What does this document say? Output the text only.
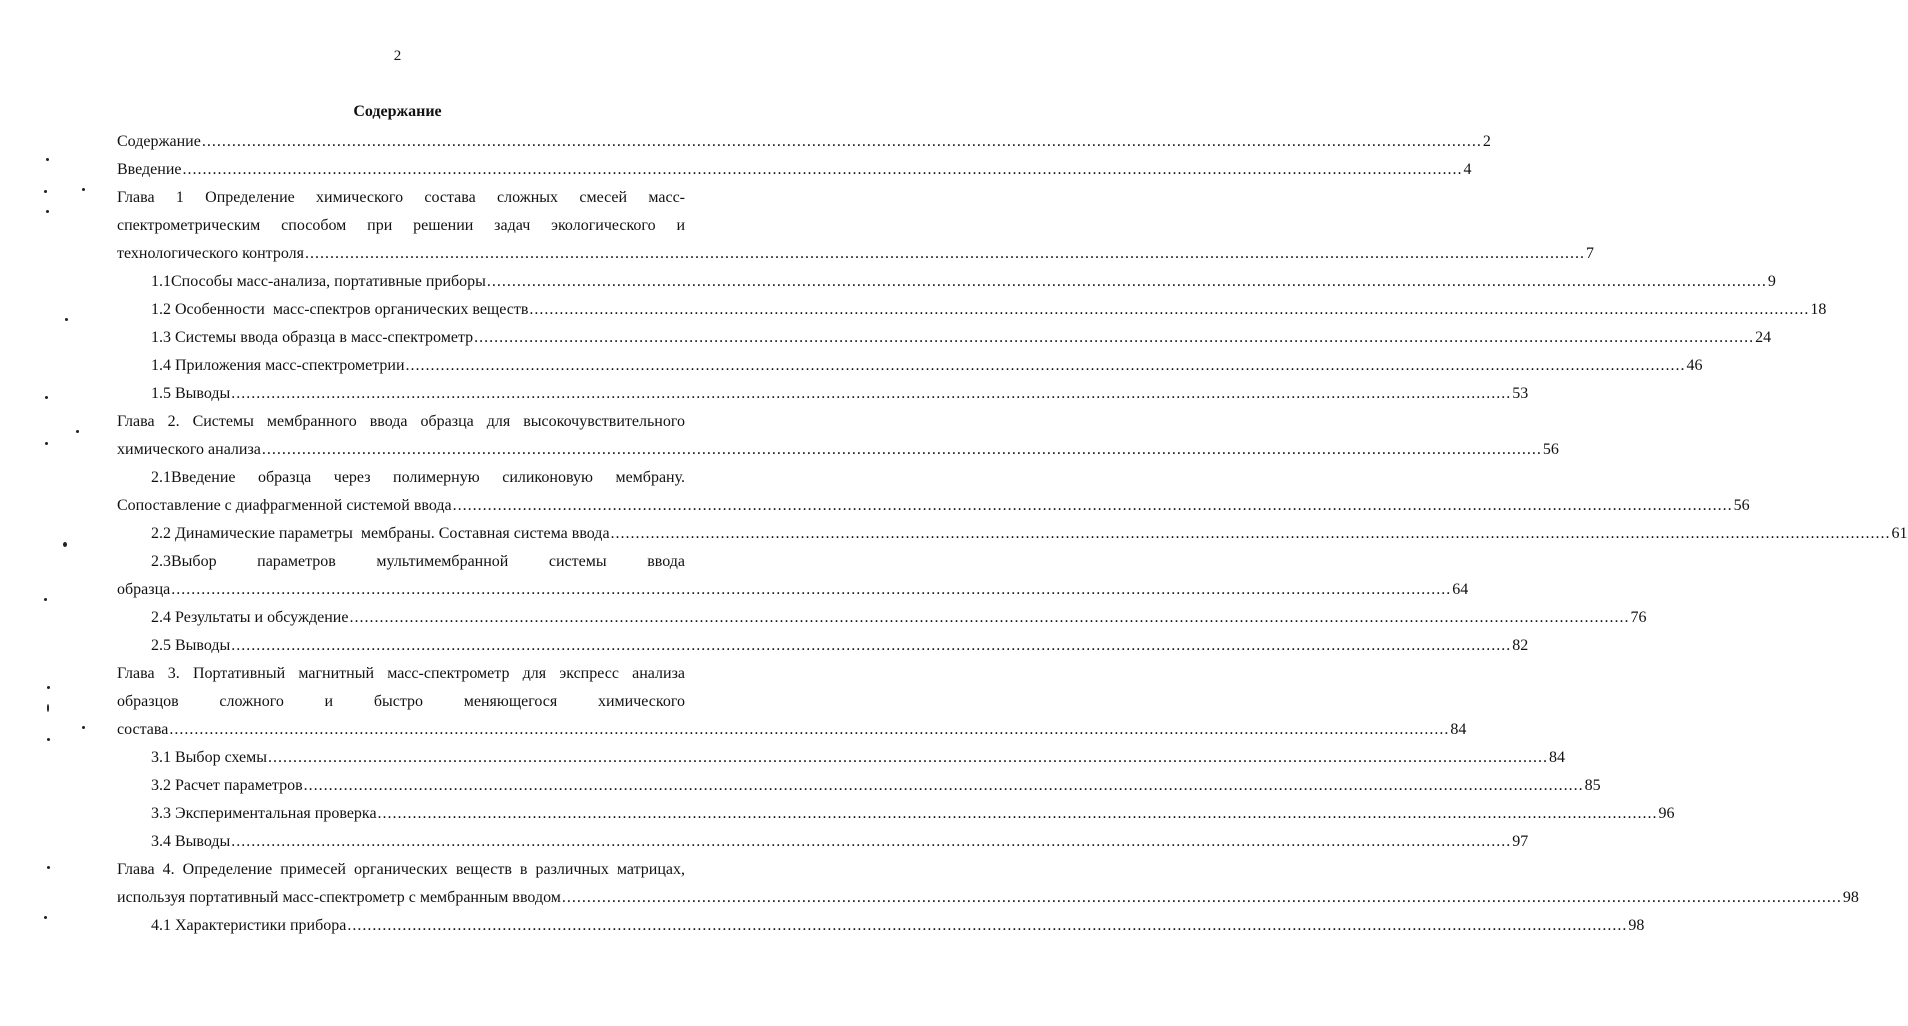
2
Содержание
Содержание .....	2
Введение .....	4
Глава 1 Определение химического состава сложных смесей масс-
спектрометрическим способом при решении задач экологического и
технологического контроля .....	7
1.1Способы масс-анализа, портативные приборы .....	9
1.2 Особенности  масс-спектров органических веществ .....	18
1.3 Системы ввода образца в масс-спектрометр .....	24
1.4 Приложения масс-спектрометрии .....	46
1.5 Выводы .....	53
Глава 2. Системы мембранного ввода образца для высокочувствительного
химического анализа .....	56
2.1Введение образца через полимерную силиконовую мембрану.
Сопоставление с диафрагменной системой ввода .....	56
2.2 Динамические параметры  мембраны. Составная система ввода .....	61
2.3Выбор параметров мультимембранной системы ввода
образца .....	64
2.4 Результаты и обсуждение .....	76
2.5 Выводы .....	82
Глава 3. Портативный магнитный масс-спектрометр для экспресс анализа
образцов сложного и быстро меняющегося химического
состава .....	84
3.1 Выбор схемы .....	84
3.2 Расчет параметров .....	85
3.3 Экспериментальная проверка .....	96
3.4 Выводы .....	97
Глава 4. Определение примесей органических веществ в различных матрицах,
используя портативный масс-спектрометр с мембранным вводом .....	98
4.1 Характеристики прибора .....	98
